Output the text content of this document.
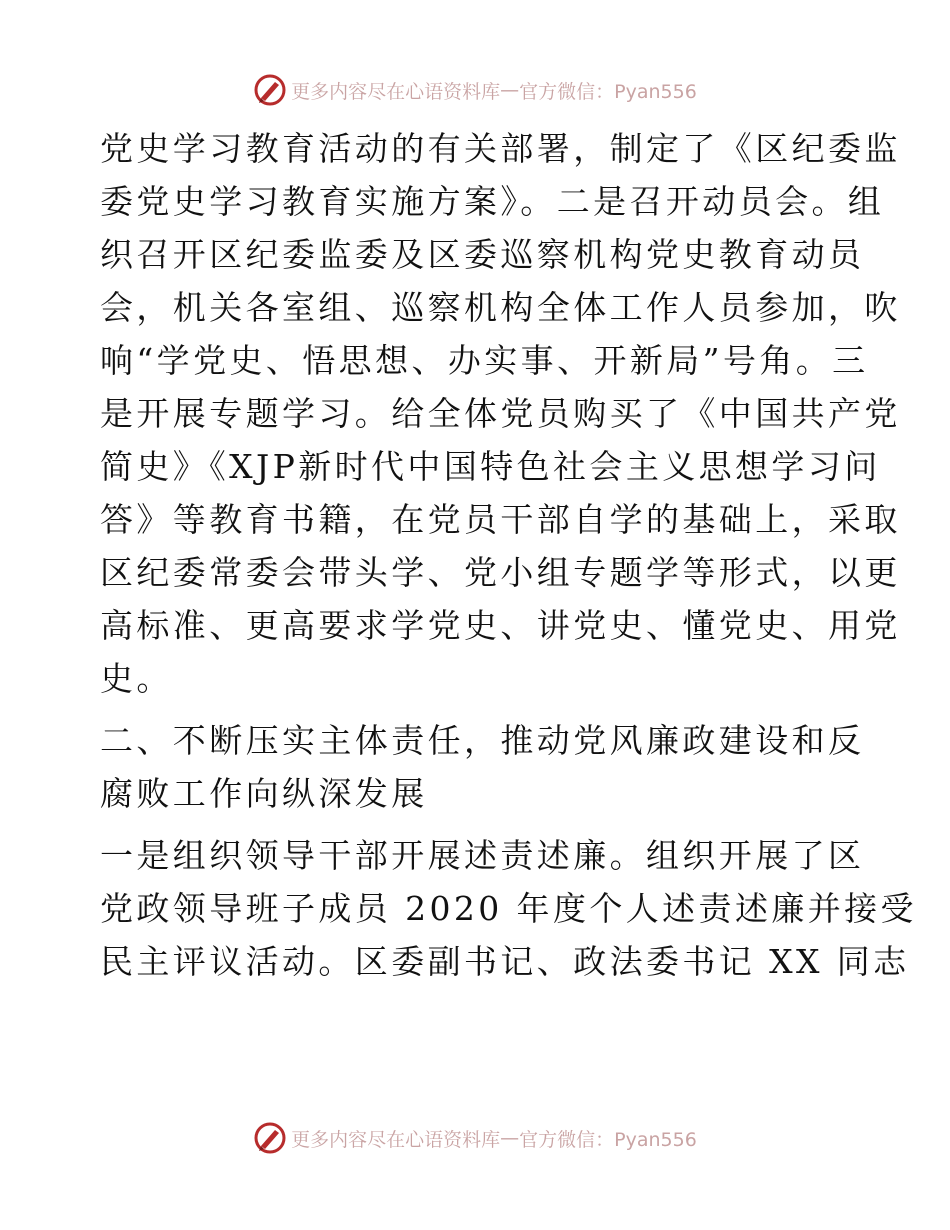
更多内容尽在心语资料库 — 官方微信：Pyan556
党史学习教育活动的有关部署，制定了《区纪委监
委党史学习教育实施方案》。二是召开动员会。组
织召开区纪委监委及区委巡察机构党史教育动员
会，机关各室组、巡察机构全体工作人员参加，吹
响“学党史、悟思想、办实事、开新局”号角。三
是开展专题学习。给全体党员购买了《中国共产党
简史》《XJP新时代中国特色社会主义思想学习问
答》等教育书籍，在党员干部自学的基础上，采取
区纪委常委会带头学、党小组专题学等形式，以更
高标准、更高要求学党史、讲党史、懂党史、用党
史。
二、不断压实主体责任，推动党风廉政建设和反
腐败工作向纵深发展
一是组织领导干部开展述责述廉。组织开展了区
党政领导班子成员 2020 年度个人述责述廉并接受
民主评议活动。区委副书记、政法委书记 XX 同志
更多内容尽在心语资料库 — 官方微信：Pyan556
